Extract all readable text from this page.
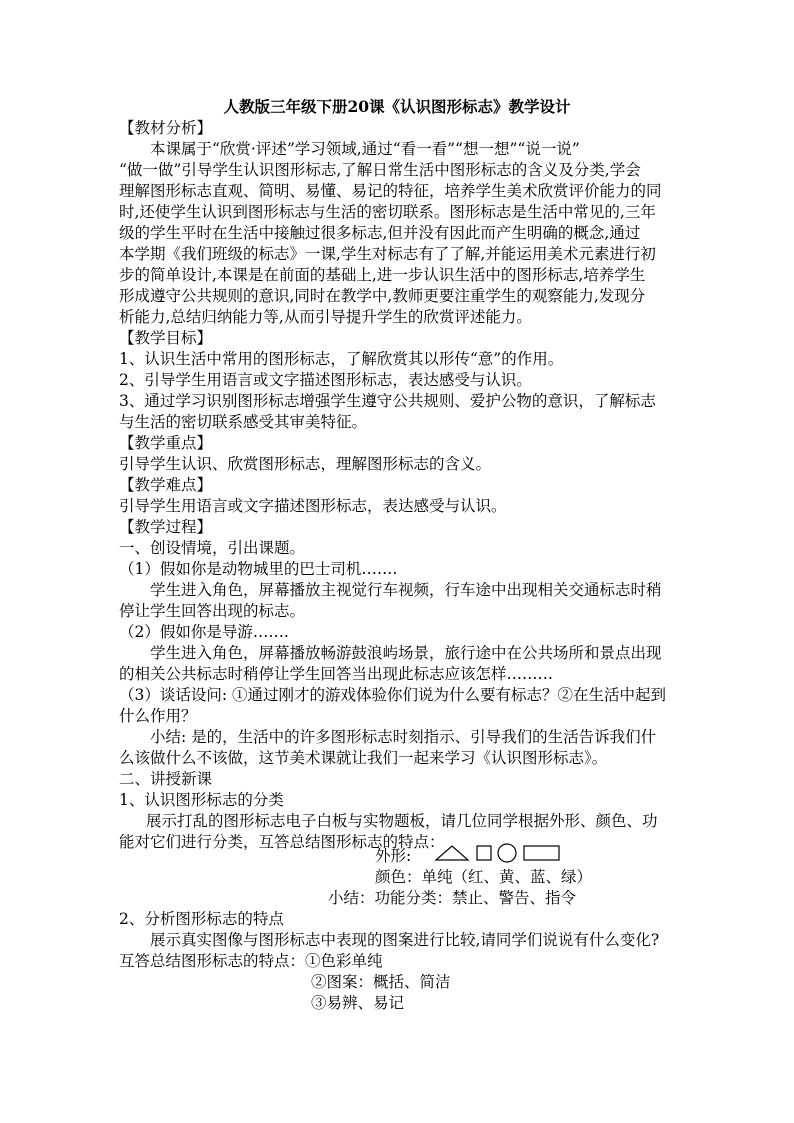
人教版三年级下册20课《认识图形标志》教学设计
【教材分析】
本课属于“欣赏·评述”学习领域,通过“看一看”“想一想”“说一说”
“做一做”引导学生认识图形标志,了解日常生活中图形标志的含义及分类,学会
理解图形标志直观、简明、易懂、易记的特征，培养学生美术欣赏评价能力的同
时,还使学生认识到图形标志与生活的密切联系。图形标志是生活中常见的,三年
级的学生平时在生活中接触过很多标志,但并没有因此而产生明确的概念,通过
本学期《我们班级的标志》一课,学生对标志有了了解,并能运用美术元素进行初
步的简单设计,本课是在前面的基础上,进一步认识生活中的图形标志,培养学生
形成遵守公共规则的意识,同时在教学中,教师更要注重学生的观察能力,发现分
析能力,总结归纳能力等,从而引导提升学生的欣赏评述能力。
【教学目标】
1、认识生活中常用的图形标志，了解欣赏其以形传“意”的作用。
2、引导学生用语言或文字描述图形标志，表达感受与认识。
3、通过学习识别图形标志增强学生遵守公共规则、爱护公物的意识，了解标志
与生活的密切联系感受其审美特征。
【教学重点】
引导学生认识、欣赏图形标志，理解图形标志的含义。
【教学难点】
引导学生用语言或文字描述图形标志，表达感受与认识。
【教学过程】
一、创设情境，引出课题。
（1）假如你是动物城里的巴士司机…….
学生进入角色，屏幕播放主视觉行车视频，行车途中出现相关交通标志时稍
停让学生回答出现的标志。
（2）假如你是导游…….
学生进入角色，屏幕播放畅游鼓浪屿场景，旅行途中在公共场所和景点出现
的相关公共标志时稍停让学生回答当出现此标志应该怎样………
（3）谈话设问: ①通过刚才的游戏体验你们说为什么要有标志？②在生活中起到
什么作用？
小结: 是的，生活中的许多图形标志时刻指示、引导我们的生活告诉我们什
么该做什么不该做，这节美术课就让我们一起来学习《认识图形标志》。
二、讲授新课
1、认识图形标志的分类
展示打乱的图形标志电子白板与实物题板，请几位同学根据外形、颜色、功
能对它们进行分类，互答总结图形标志的特点：
外形:
颜色：单纯（红、黄、蓝、绿）
小结：功能分类：禁止、警告、指令
2、分析图形标志的特点
展示真实图像与图形标志中表现的图案进行比较,请同学们说说有什么变化?
互答总结图形标志的特点：①色彩单纯
②图案：概括、简洁
③易辨、易记
